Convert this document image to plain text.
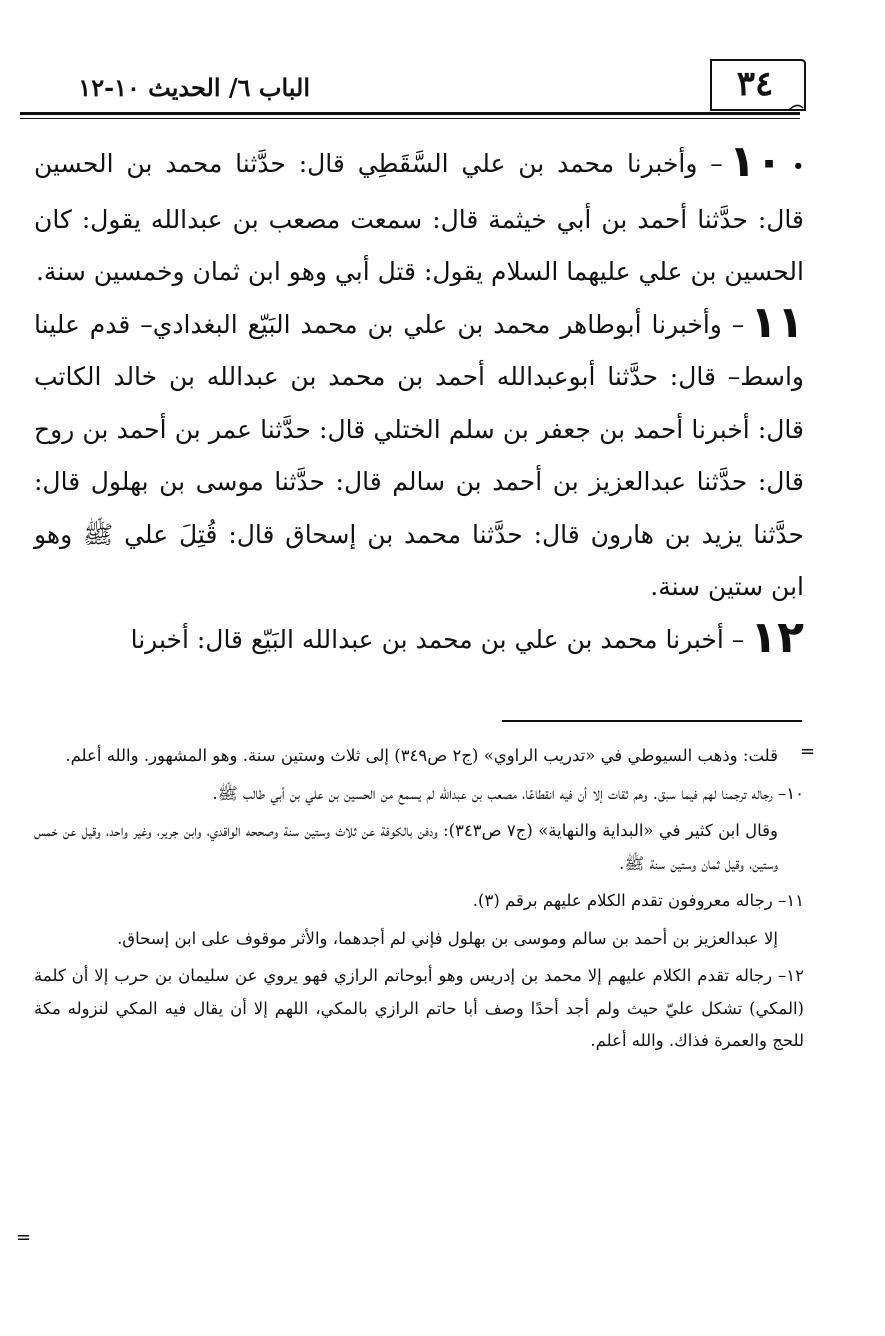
الباب ٦/ الحديث ١٠-١٢	٣٤

•١٠– وأخبرنا محمد بن علي السَّقَطِي قال: حدَّثنا محمد بن الحسين قال: حدَّثنا أحمد بن أبي خيثمة قال: سمعت مصعب بن عبدالله يقول: كان الحسين بن علي عليهما السلام يقول: قتل أبي وهو ابن ثمان وخمسين سنة.

١١– وأخبرنا أبوطاهر محمد بن علي بن محمد البَيّع البغدادي– قدم علينا واسط– قال: حدَّثنا أبوعبدالله أحمد بن محمد بن عبدالله بن خالد الكاتب قال: أخبرنا أحمد بن جعفر بن سلم الختلي قال: حدَّثنا عمر بن أحمد بن روح قال: حدَّثنا عبدالعزيز بن أحمد بن سالم قال: حدَّثنا موسى بن بهلول قال: حدَّثنا يزيد بن هارون قال: حدَّثنا محمد بن إسحاق قال: قُتِلَ علي ﷺ وهو ابن ستين سنة.

١٢– أخبرنا محمد بن علي بن محمد بن عبدالله البَيّع قال: أخبرنا

=

قلت: وذهب السيوطي في «تدريب الراوي» (ج٢ ص٣٤٩) إلى ثلاث وستين سنة. وهو المشهور. والله أعلم.

١٠– رجاله ترجمنا لهم فيما سبق. وهم ثقات إلا أن فيه انقطاعًا، مصعب بن عبدالله لم يسمع من الحسين بن علي بن أبي طالب ﷺ.

وقال ابن كثير في «البداية والنهاية» (ج٧ ص٣٤٣): ودفن بالكوفة عن ثلاث وستين سنة وصححه الواقدي، وابن جرير، وغير واحد، وقيل عن خمس وستين، وقيل ثمان وستين سنة ﷺ.

١١– رجاله معروفون تقدم الكلام عليهم برقم (٣).

إلا عبدالعزيز بن أحمد بن سالم وموسى بن بهلول فإني لم أجدهما، والأثر موقوف على ابن إسحاق.

١٢– رجاله تقدم الكلام عليهم إلا محمد بن إدريس وهو أبوحاتم الرازي فهو يروي عن سليمان بن حرب إلا أن كلمة (المكي) تشكل عليّ حيث ولم أجد أحدًا وصف أبا حاتم الرازي بالمكي، اللهم إلا أن يقال فيه المكي لنزوله مكة للحج والعمرة فذاك. والله أعلم.

=
